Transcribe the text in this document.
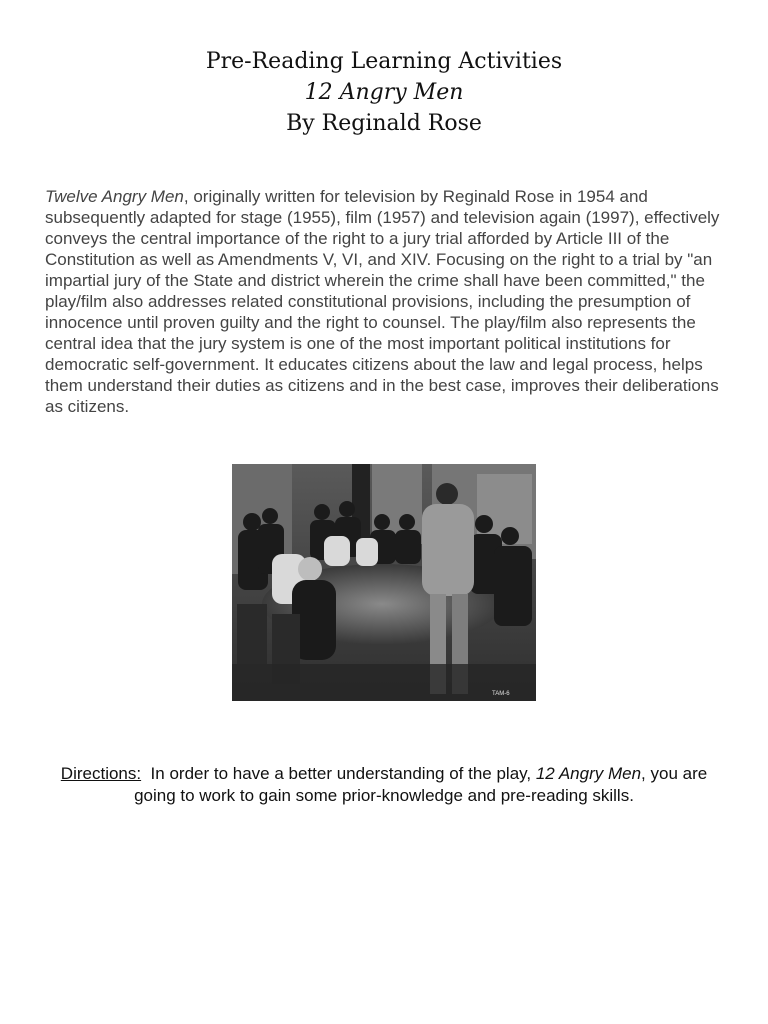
Pre-Reading Learning Activities
12 Angry Men
By Reginald Rose

Twelve Angry Men, originally written for television by Reginald Rose in 1954 and subsequently adapted for stage (1955), film (1957) and television again (1997), effectively conveys the central importance of the right to a jury trial afforded by Article III of the Constitution as well as Amendments V, VI, and XIV. Focusing on the right to a trial by "an impartial jury of the State and district wherein the crime shall have been committed," the play/film also addresses related constitutional provisions, including the presumption of innocence until proven guilty and the right to counsel. The play/film also represents the central idea that the jury system is one of the most important political institutions for democratic self-government. It educates citizens about the law and legal process, helps them understand their duties as citizens and in the best case, improves their deliberations as citizens.

TAM-6

Directions:  In order to have a better understanding of the play, 12 Angry Men, you are going to work to gain some prior-knowledge and pre-reading skills.
